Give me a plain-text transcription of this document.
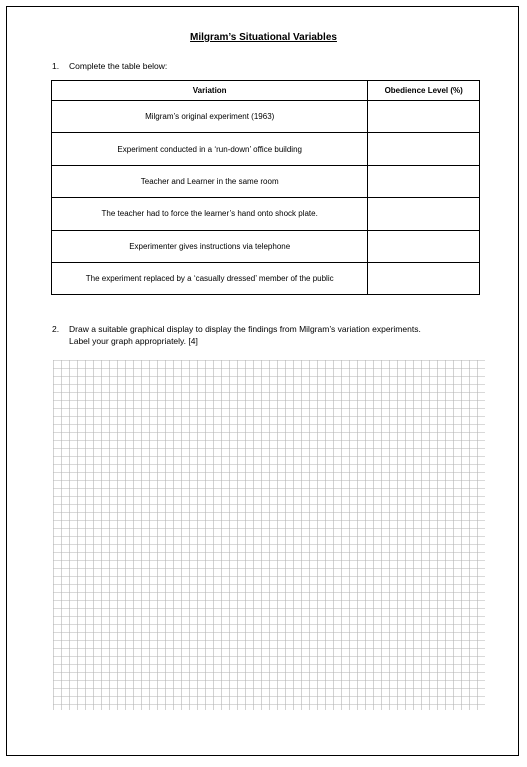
Milgram’s Situational Variables
1. Complete the table below:
Variation	Obedience Level (%)
Milgram’s original experiment (1963)	
Experiment conducted in a ‘run-down’ office building	
Teacher and Learner in the same room	
The teacher had to force the learner’s hand onto shock plate.	
Experimenter gives instructions via telephone	
The experiment replaced by a ‘casually dressed’ member of the public	
2. Draw a suitable graphical display to display the findings from Milgram’s variation experiments.
Label your graph appropriately. [4]
